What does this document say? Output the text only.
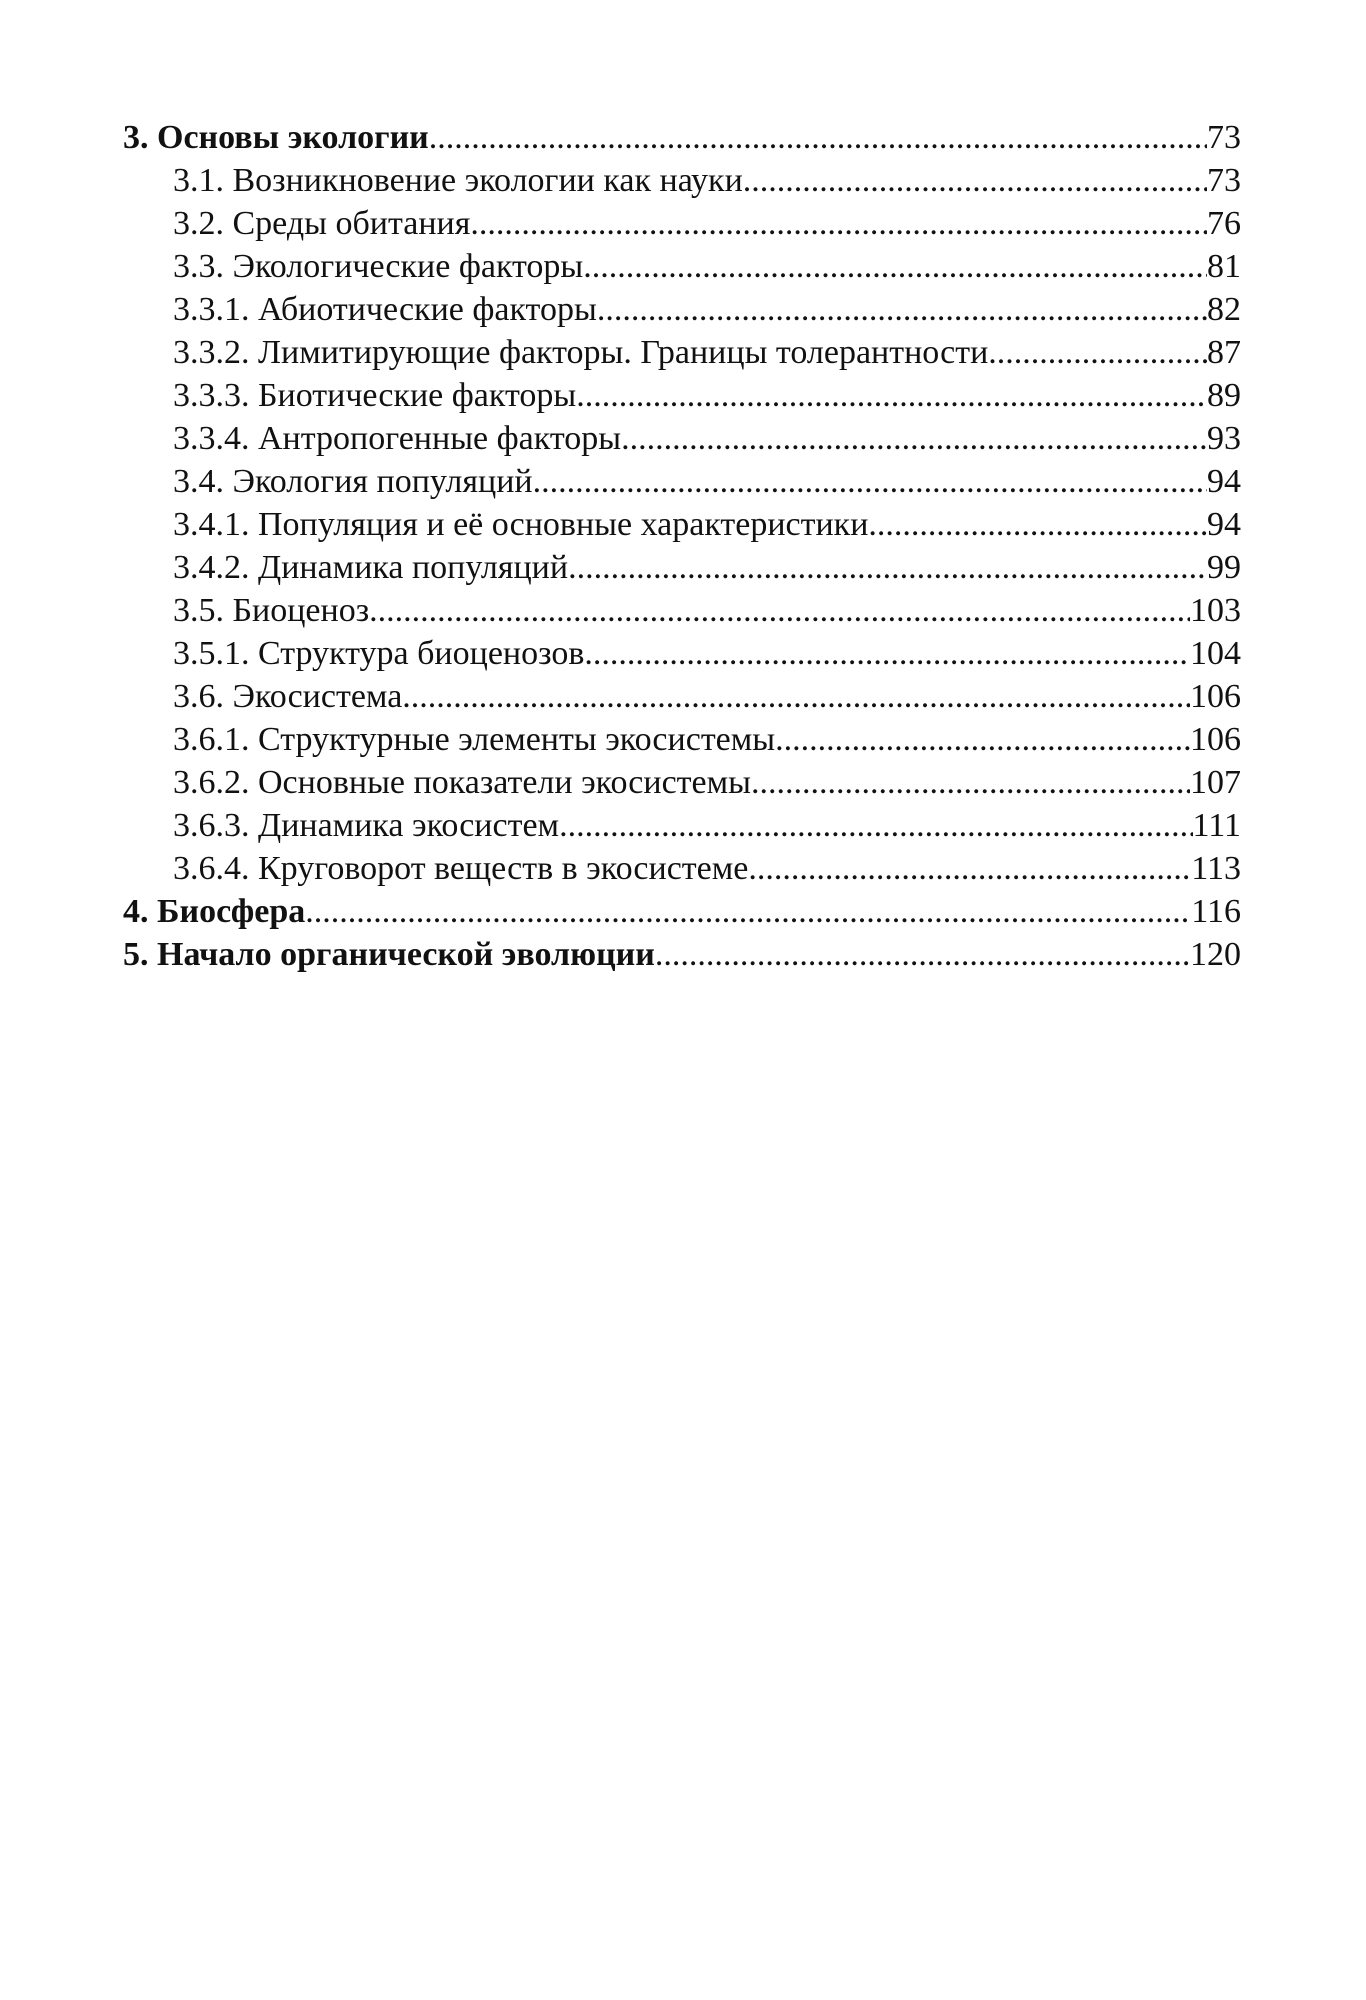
3. Основы экологии .....	73
3.1. Возникновение экологии как науки .....	73
3.2. Среды обитания .....	76
3.3. Экологические факторы .....	81
3.3.1. Абиотические факторы .....	82
3.3.2. Лимитирующие факторы. Границы толерантности .....	87
3.3.3. Биотические факторы .....	89
3.3.4. Антропогенные факторы .....	93
3.4. Экология популяций .....	94
3.4.1. Популяция и её основные характеристики .....	94
3.4.2. Динамика популяций .....	99
3.5. Биоценоз .....	103
3.5.1. Структура биоценозов .....	104
3.6. Экосистема .....	106
3.6.1. Структурные элементы экосистемы .....	106
3.6.2. Основные показатели экосистемы .....	107
3.6.3. Динамика экосистем .....	111
3.6.4. Круговорот веществ в экосистеме .....	113
4. Биосфера .....	116
5. Начало органической эволюции .....	120
